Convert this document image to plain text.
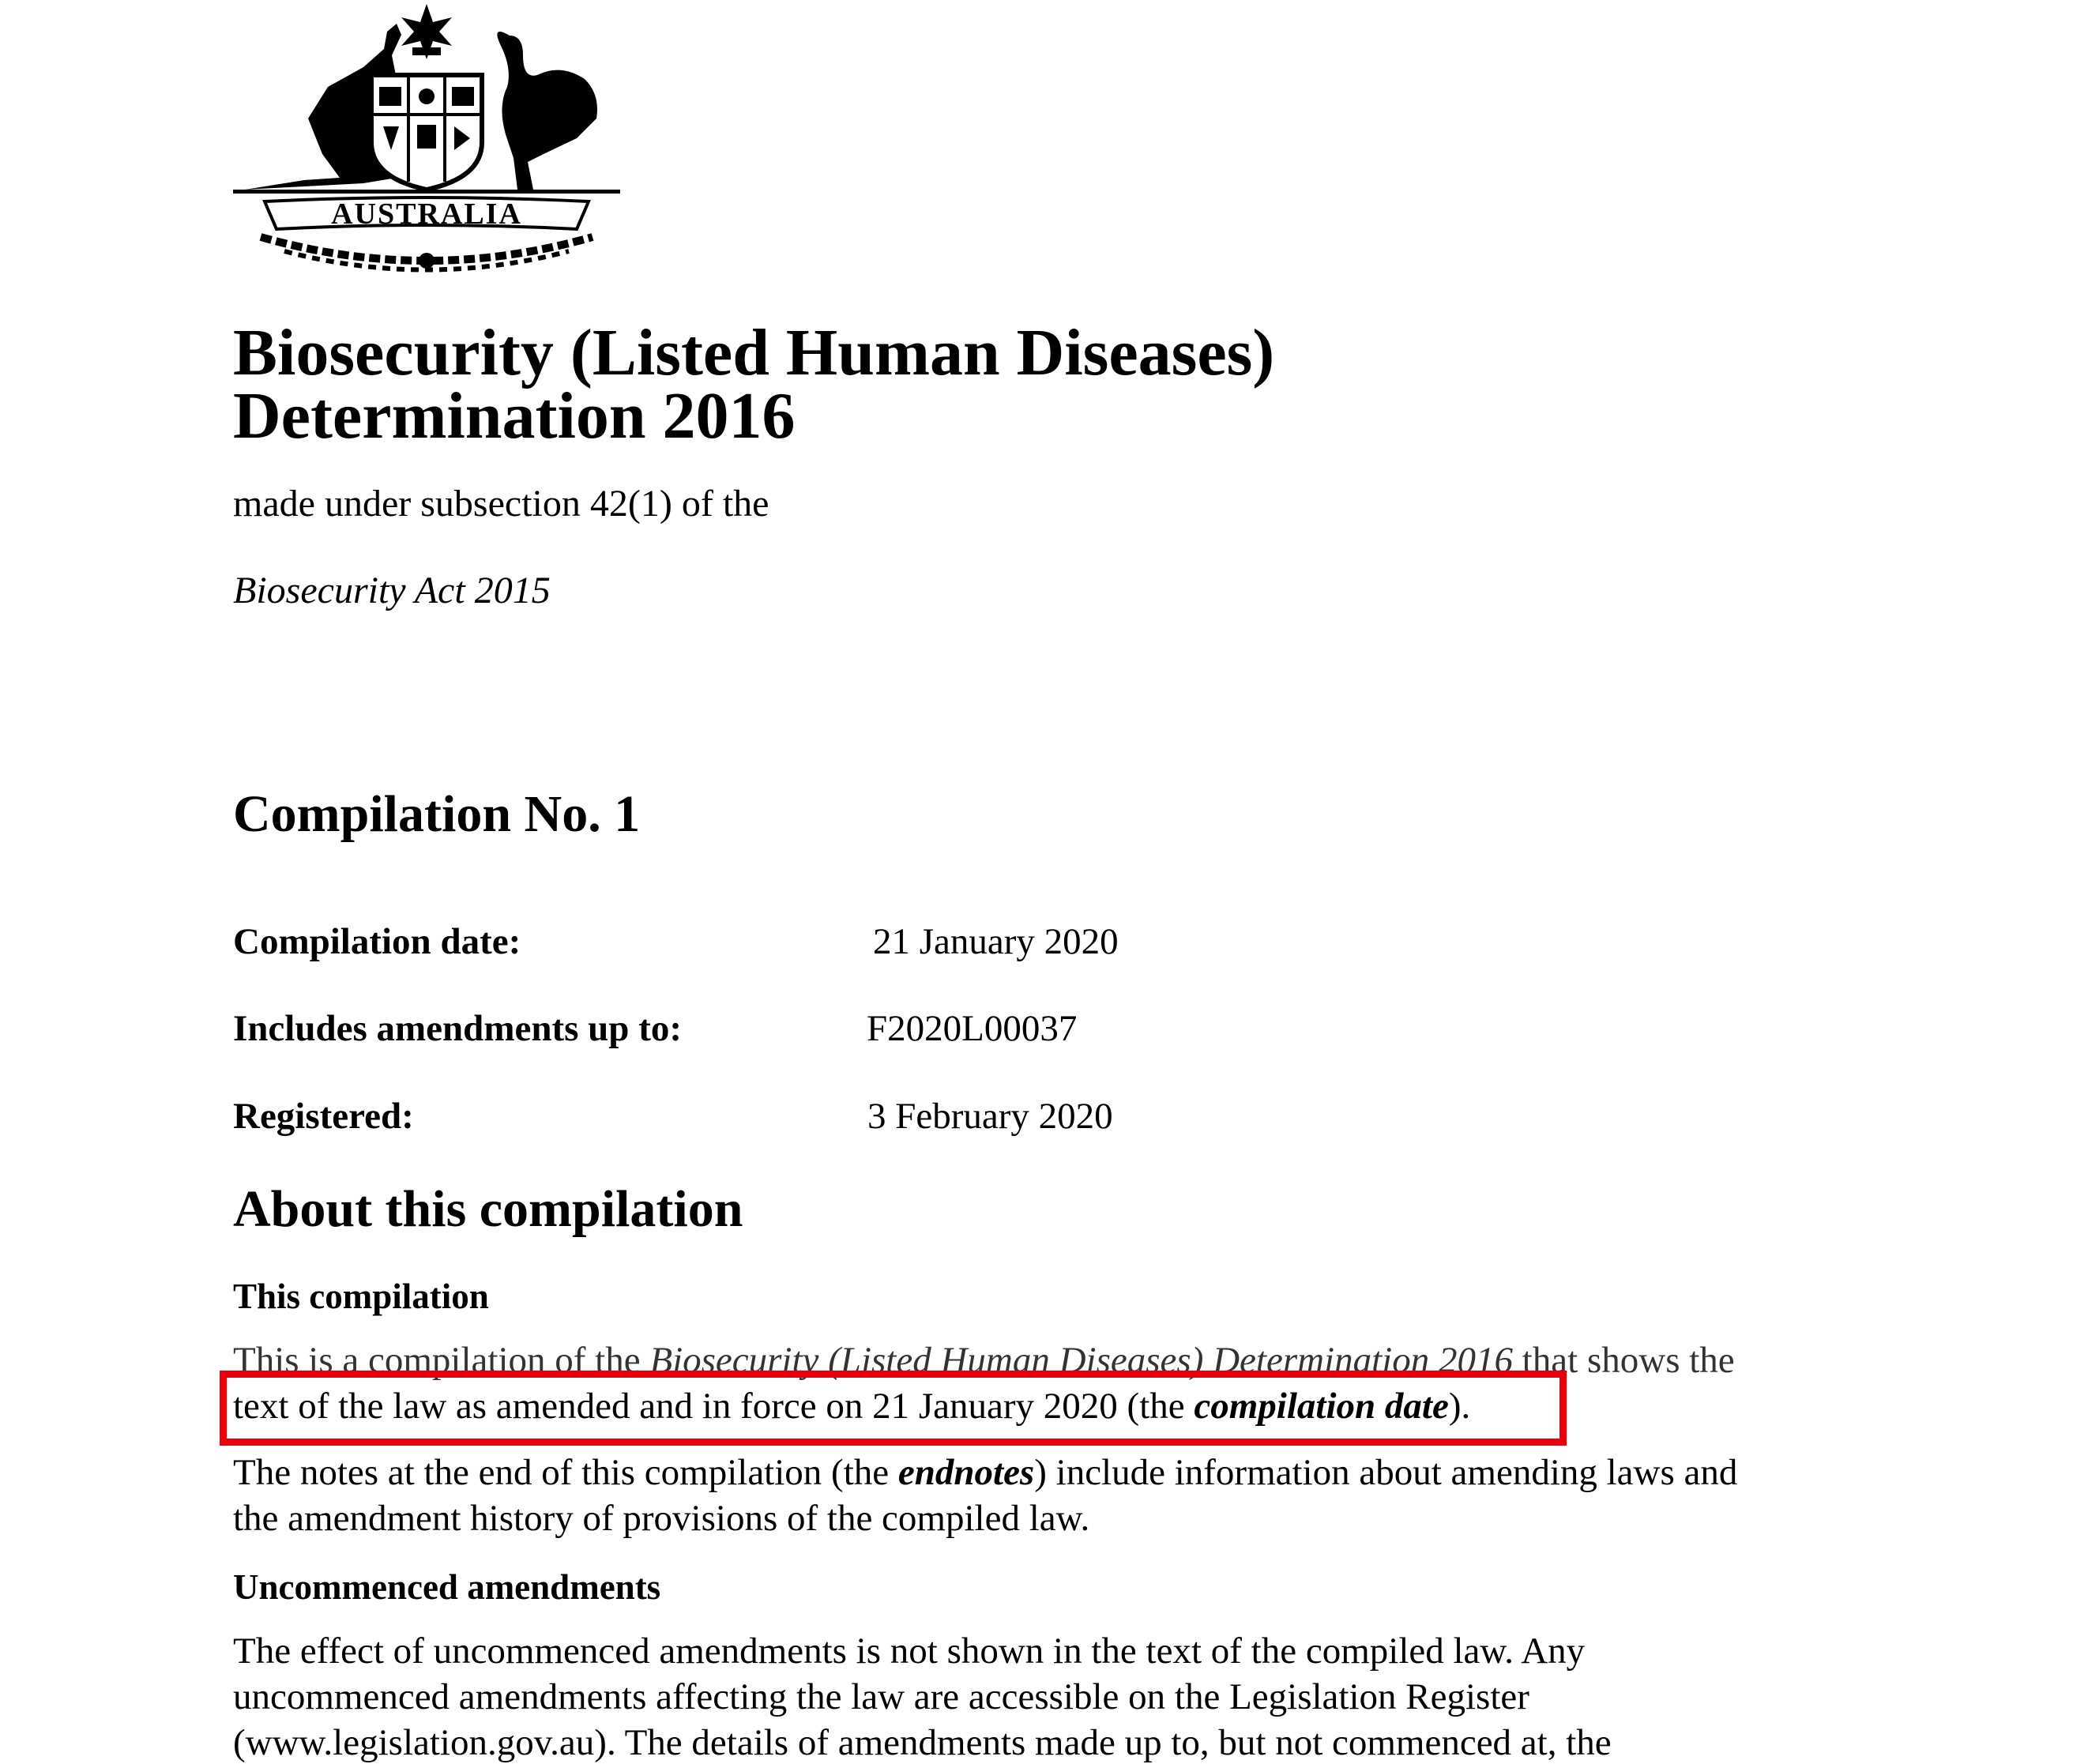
AUSTRALIA
Biosecurity (Listed Human Diseases)
Determination 2016
made under subsection 42(1) of the
Biosecurity Act 2015
Compilation No. 1
Compilation date:	21 January 2020
Includes amendments up to:	F2020L00037
Registered:	3 February 2020
About this compilation
This compilation
This is a compilation of the Biosecurity (Listed Human Diseases) Determination 2016 that shows the
text of the law as amended and in force on 21 January 2020 (the compilation date).
The notes at the end of this compilation (the endnotes) include information about amending laws and
the amendment history of provisions of the compiled law.
Uncommenced amendments
The effect of uncommenced amendments is not shown in the text of the compiled law. Any
uncommenced amendments affecting the law are accessible on the Legislation Register
(www.legislation.gov.au). The details of amendments made up to, but not commenced at, the
